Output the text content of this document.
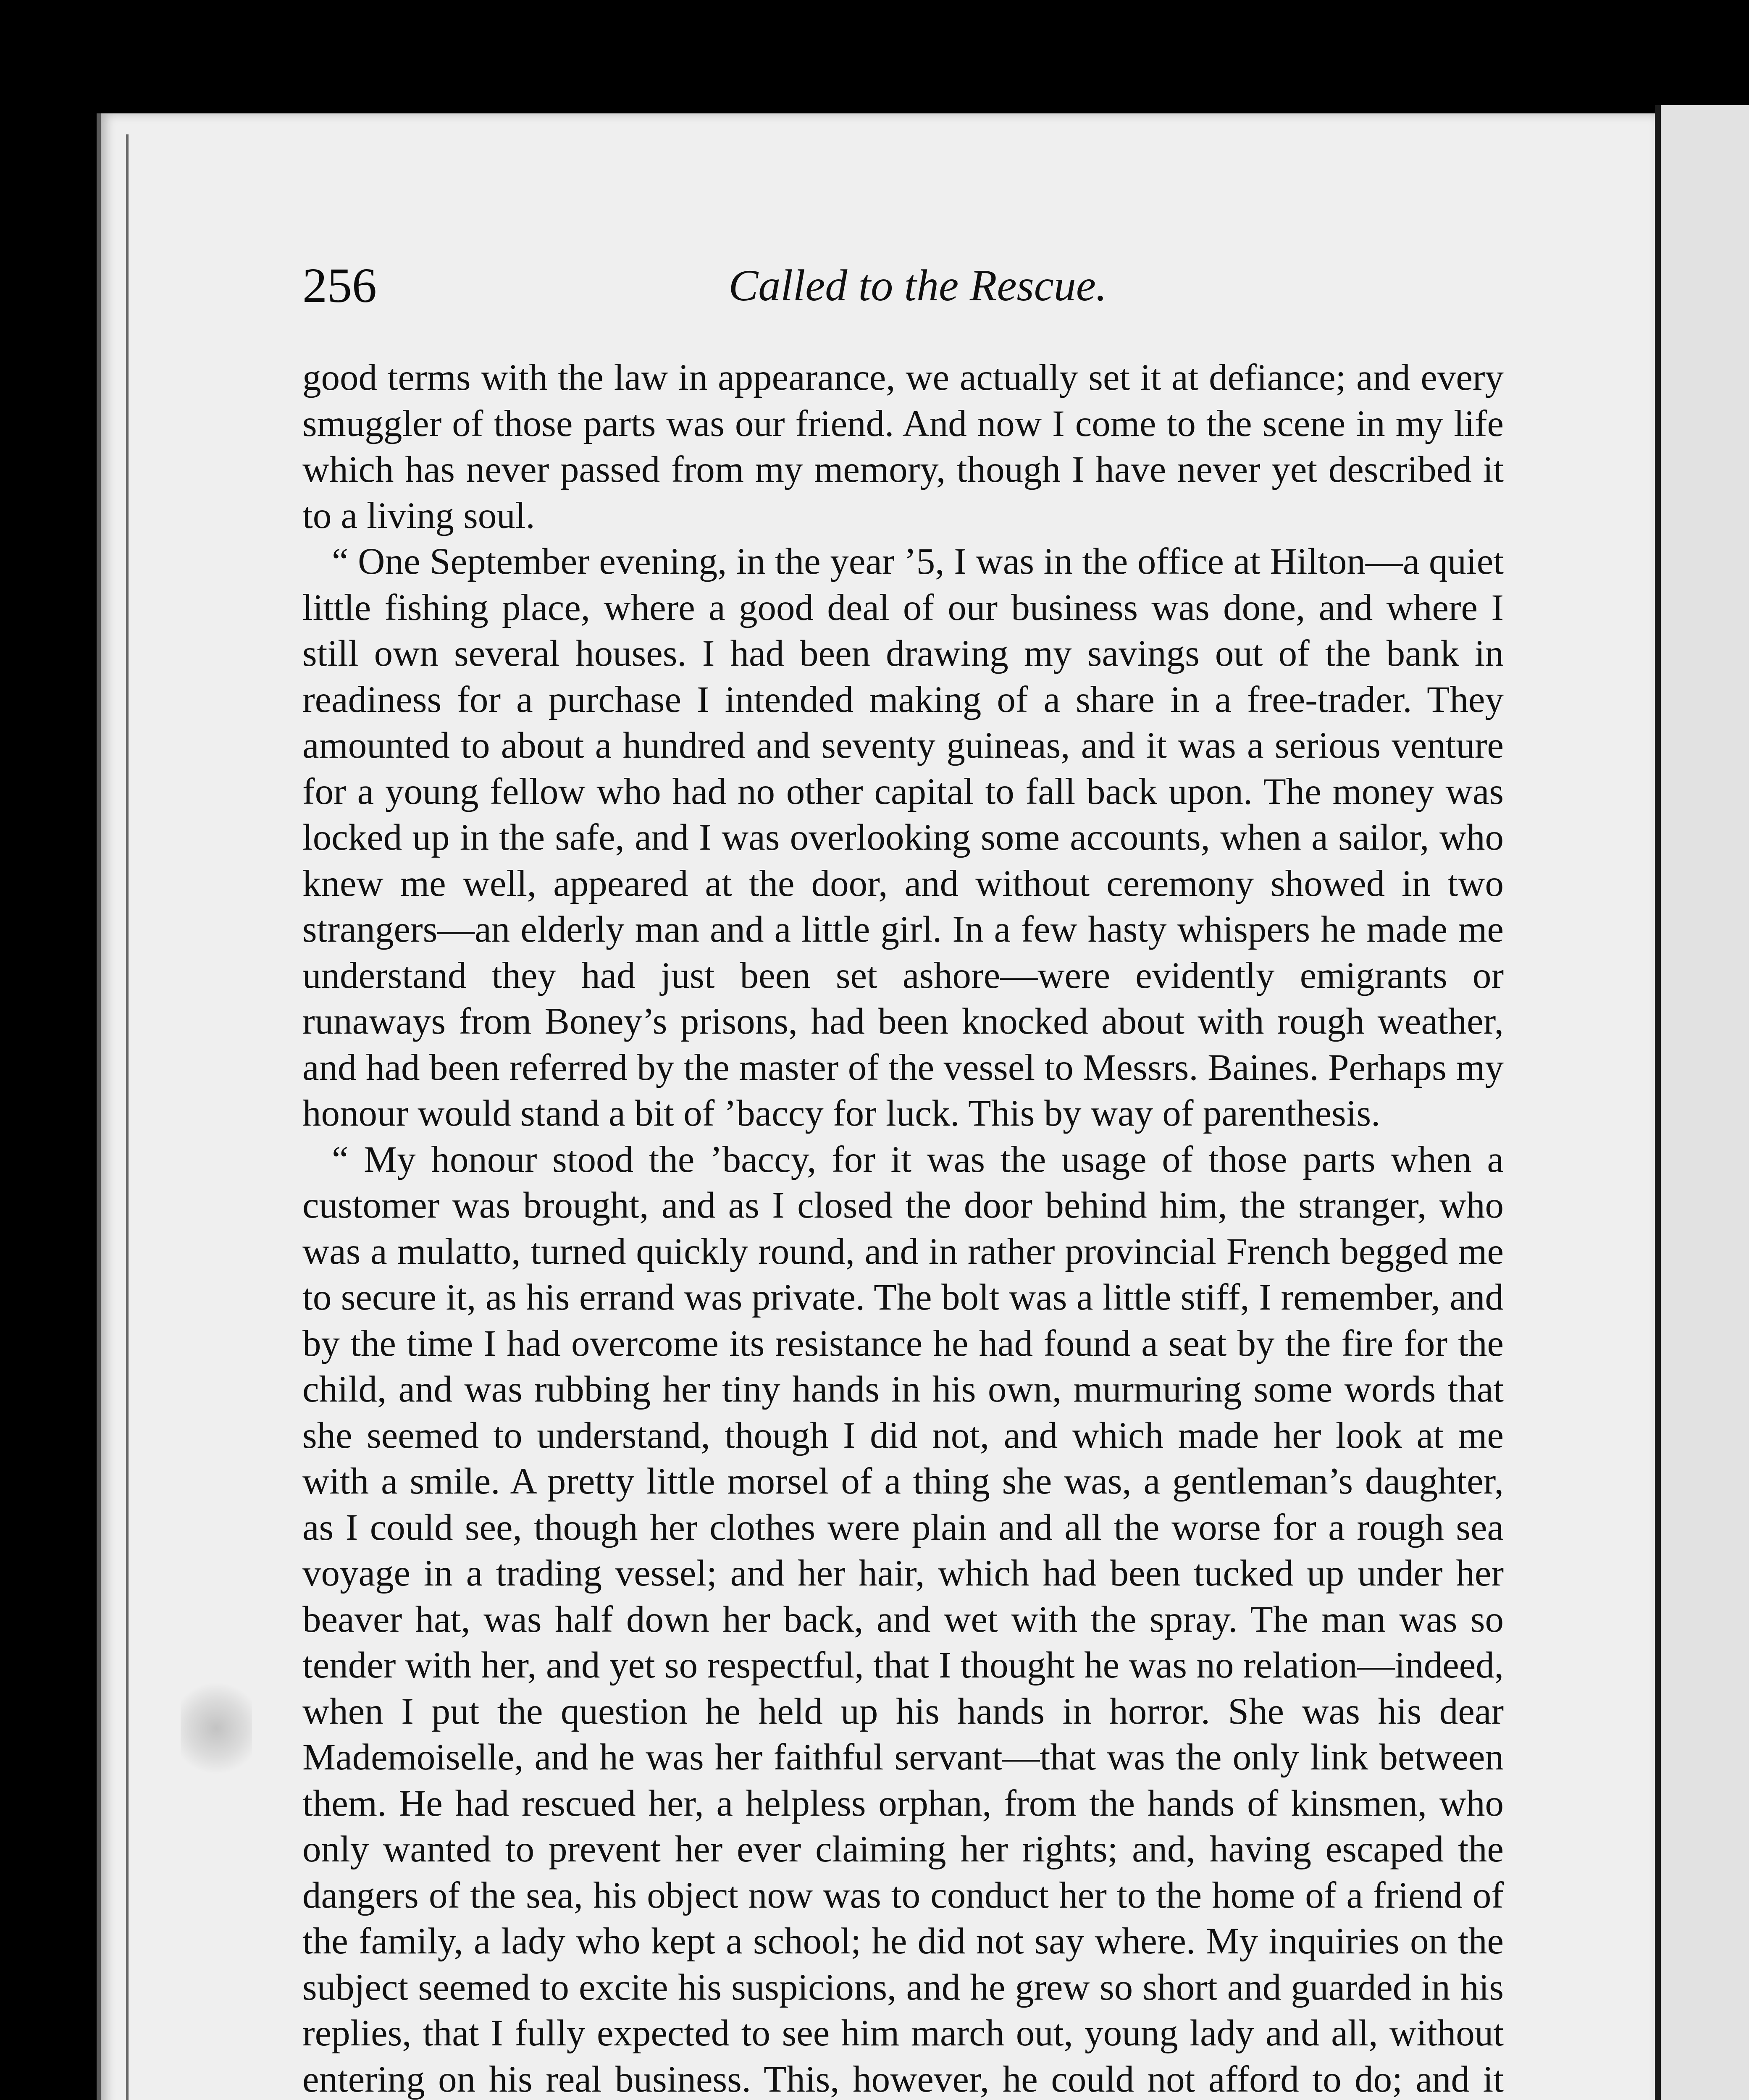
256	Called to the Rescue.

good terms with the law in appearance, we actually set it at defiance; and every smuggler of those parts was our friend. And now I come to the scene in my life which has never passed from my memory, though I have never yet described it to a living soul.

“ One September evening, in the year ’5, I was in the office at Hilton—a quiet little fishing place, where a good deal of our business was done, and where I still own several houses. I had been drawing my savings out of the bank in readiness for a purchase I intended making of a share in a free-trader. They amounted to about a hundred and seventy guineas, and it was a serious venture for a young fellow who had no other capital to fall back upon. The money was locked up in the safe, and I was overlooking some accounts, when a sailor, who knew me well, appeared at the door, and without ceremony showed in two strangers—an elderly man and a little girl. In a few hasty whispers he made me understand they had just been set ashore—were evidently emigrants or runaways from Boney’s prisons, had been knocked about with rough weather, and had been referred by the master of the vessel to Messrs. Baines. Perhaps my honour would stand a bit of ’baccy for luck. This by way of parenthesis.

“ My honour stood the ’baccy, for it was the usage of those parts when a customer was brought, and as I closed the door behind him, the stranger, who was a mulatto, turned quickly round, and in rather provincial French begged me to secure it, as his errand was private. The bolt was a little stiff, I remember, and by the time I had overcome its resistance he had found a seat by the fire for the child, and was rubbing her tiny hands in his own, murmuring some words that she seemed to understand, though I did not, and which made her look at me with a smile. A pretty little morsel of a thing she was, a gentleman’s daughter, as I could see, though her clothes were plain and all the worse for a rough sea voyage in a trading vessel; and her hair, which had been tucked up under her beaver hat, was half down her back, and wet with the spray. The man was so tender with her, and yet so respectful, that I thought he was no relation—indeed, when I put the question he held up his hands in horror. She was his dear Mademoiselle, and he was her faithful servant—that was the only link between them. He had rescued her, a helpless orphan, from the hands of kinsmen, who only wanted to prevent her ever claiming her rights; and, having escaped the dangers of the sea, his object now was to conduct her to the home of a friend of the family, a lady who kept a school; he did not say where. My inquiries on the subject seemed to excite his suspicions, and he grew so short and guarded in his replies, that I fully expected to see him march out, young lady and all, without entering on his real business. This, however, he could not afford to do; and it
